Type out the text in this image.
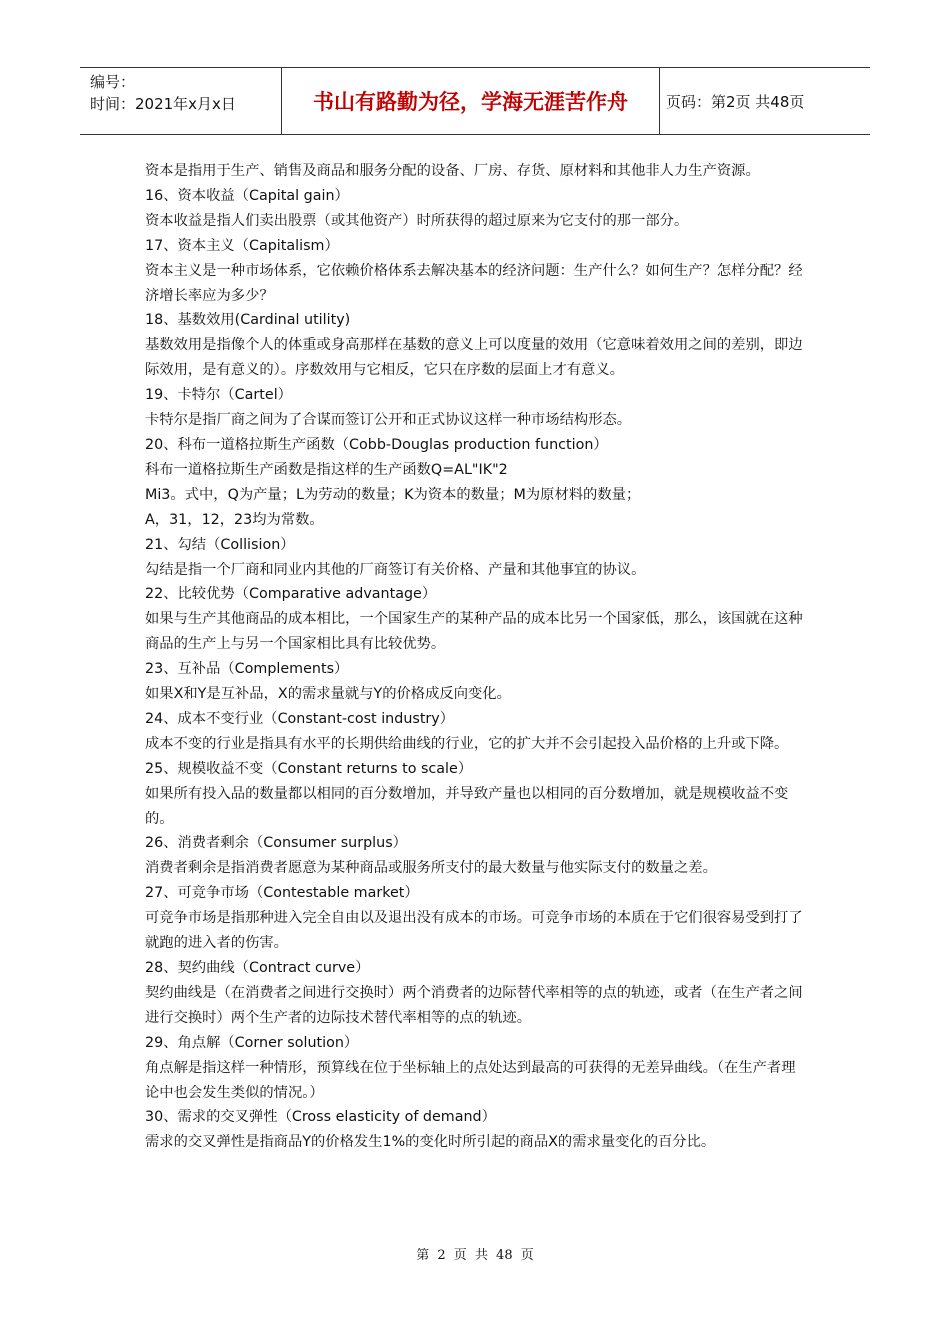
编号：
时间：2021年x月x日	书山有路勤为径，学海无涯苦作舟	页码：第2页 共48页

资本是指用于生产、销售及商品和服务分配的设备、厂房、存货、原材料和其他非人力生产资源。

16、资本收益（Capital gain）

资本收益是指人们卖出股票（或其他资产）时所获得的超过原来为它支付的那一部分。

17、资本主义（Capitalism）

资本主义是一种市场体系，它依赖价格体系去解决基本的经济问题：生产什么？如何生产？怎样分配？经济增长率应为多少？

18、基数效用(Cardinal utility)

基数效用是指像个人的体重或身高那样在基数的意义上可以度量的效用（它意味着效用之间的差别，即边际效用，是有意义的）。序数效用与它相反，它只在序数的层面上才有意义。

19、卡特尔（Cartel）

卡特尔是指厂商之间为了合谋而签订公开和正式协议这样一种市场结构形态。

20、科布一道格拉斯生产函数（Cobb-Douglas production function）

科布一道格拉斯生产函数是指这样的生产函数Q=AL"IK"2

Mi3。式中，Q为产量；L为劳动的数量；K为资本的数量；M为原材料的数量；

A，31，12，23均为常数。

21、勾结（Collision）

勾结是指一个厂商和同业内其他的厂商签订有关价格、产量和其他事宜的协议。

22、比较优势（Comparative advantage）

如果与生产其他商品的成本相比，一个国家生产的某种产品的成本比另一个国家低，那么，该国就在这种商品的生产上与另一个国家相比具有比较优势。

23、互补品（Complements）

如果X和Y是互补品，X的需求量就与Y的价格成反向变化。

24、成本不变行业（Constant-cost industry）

成本不变的行业是指具有水平的长期供给曲线的行业，它的扩大并不会引起投入品价格的上升或下降。

25、规模收益不变（Constant returns to scale）

如果所有投入品的数量都以相同的百分数增加，并导致产量也以相同的百分数增加，就是规模收益不变的。

26、消费者剩余（Consumer surplus）

消费者剩余是指消费者愿意为某种商品或服务所支付的最大数量与他实际支付的数量之差。

27、可竞争市场（Contestable market）

可竞争市场是指那种进入完全自由以及退出没有成本的市场。可竞争市场的本质在于它们很容易受到打了就跑的进入者的伤害。

28、契约曲线（Contract curve）

契约曲线是（在消费者之间进行交换时）两个消费者的边际替代率相等的点的轨迹，或者（在生产者之间进行交换时）两个生产者的边际技术替代率相等的点的轨迹。

29、角点解（Corner solution）

角点解是指这样一种情形，预算线在位于坐标轴上的点处达到最高的可获得的无差异曲线。（在生产者理论中也会发生类似的情况。）

30、需求的交叉弹性（Cross elasticity of demand）

需求的交叉弹性是指商品Y的价格发生1%的变化时所引起的商品X的需求量变化的百分比。

第 2 页 共 48 页
